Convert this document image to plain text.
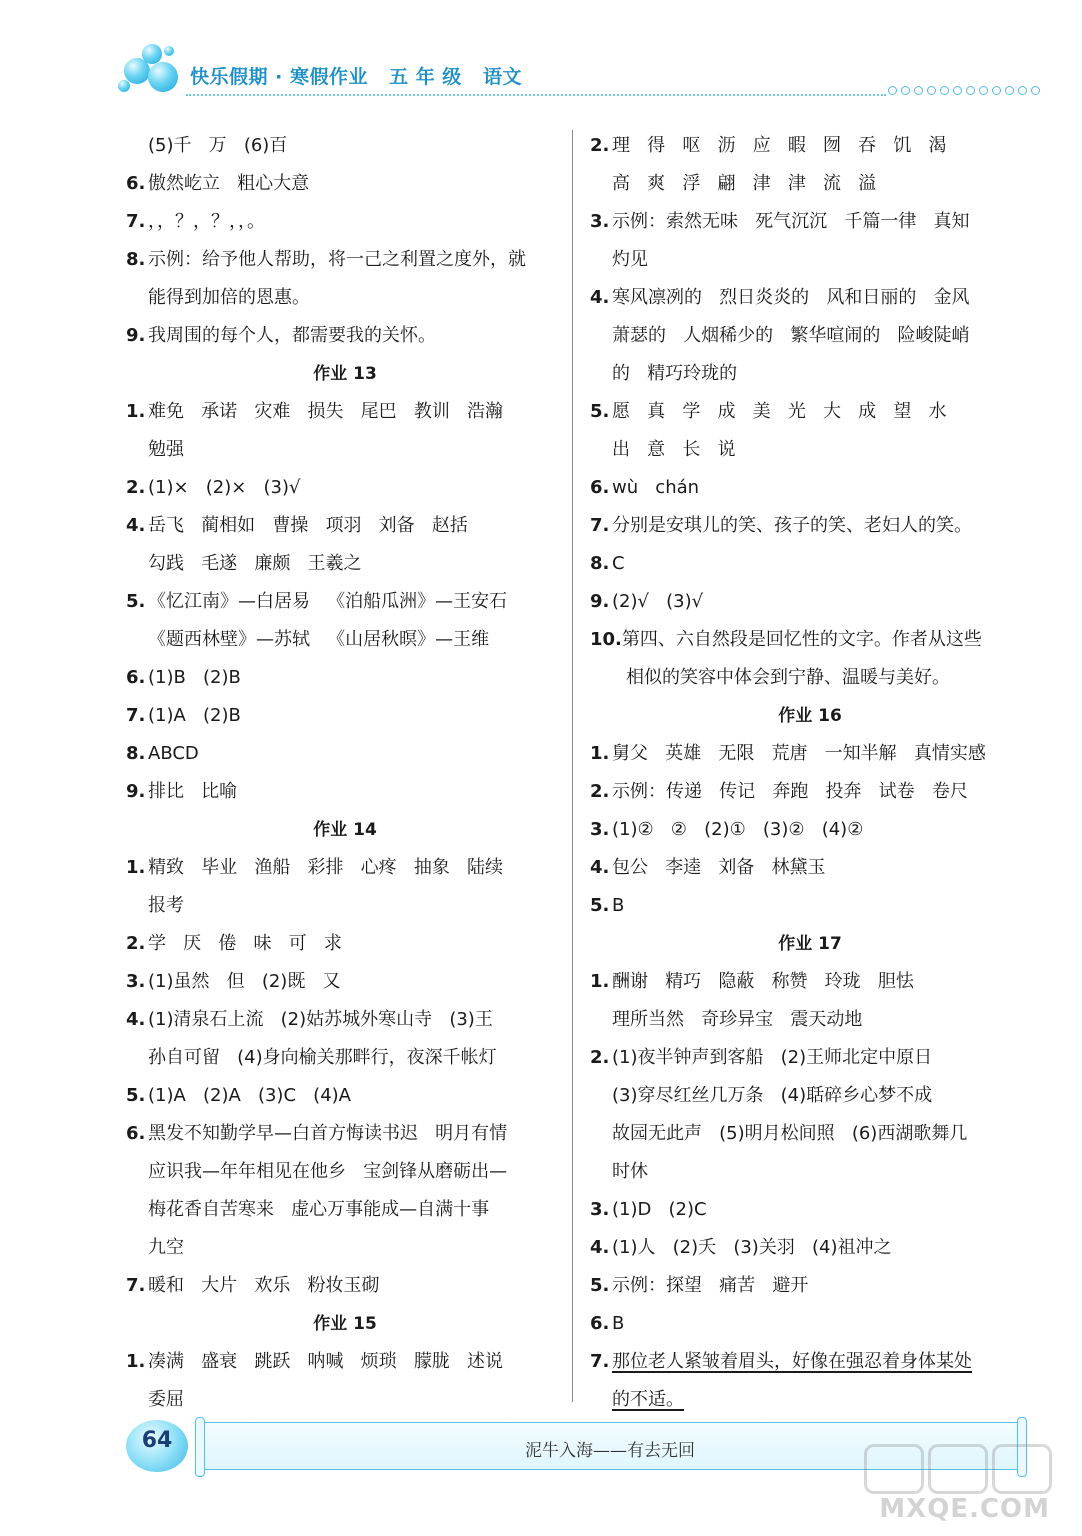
快乐假期 · 寒假作业 五 年 级 语文
(5)千   万   (6)百
6. 傲然屹立   粗心大意
7. ，，？，？，，。
8. 示例：给予他人帮助，将一己之利置之度外，就
能得到加倍的恩惠。
9. 我周围的每个人，都需要我的关怀。
作业 13
1. 难免   承诺   灾难   损失   尾巴   教训   浩瀚
勉强
2. (1)×   (2)×   (3)√
4. 岳飞   蔺相如   曹操   项羽   刘备   赵括
勾践   毛遂   廉颇   王羲之
5. 《忆江南》—白居易   《泊船瓜洲》—王安石
《题西林壁》—苏轼   《山居秋暝》—王维
6. (1)B   (2)B
7. (1)A   (2)B
8. ABCD
9. 排比   比喻
作业 14
1. 精致   毕业   渔船   彩排   心疼   抽象   陆续
报考
2. 学   厌   倦   味   可   求
3. (1)虽然   但   (2)既   又
4. (1)清泉石上流   (2)姑苏城外寒山寺   (3)王
孙自可留   (4)身向榆关那畔行，夜深千帐灯
5. (1)A   (2)A   (3)C   (4)A
6. 黑发不知勤学早—白首方悔读书迟   明月有情
应识我—年年相见在他乡   宝剑锋从磨砺出—
梅花香自苦寒来   虚心万事能成—自满十事
九空
7. 暖和   大片   欢乐   粉妆玉砌
作业 15
1. 凑满   盛衰   跳跃   呐喊   烦琐   朦胧   述说
委屈
2. 理   得   呕   沥   应   暇   囫   吞   饥   渴
高   爽   浮   翩   津   津   流   溢
3. 示例：索然无味   死气沉沉   千篇一律   真知
灼见
4. 寒风凛冽的   烈日炎炎的   风和日丽的   金风
萧瑟的   人烟稀少的   繁华喧闹的   险峻陡峭
的   精巧玲珑的
5. 愿   真   学   成   美   光   大   成   望   水
出   意   长   说
6. wù   chán
7. 分别是安琪儿的笑、孩子的笑、老妇人的笑。
8. C
9. (2)√   (3)√
10.第四、六自然段是回忆性的文字。作者从这些
相似的笑容中体会到宁静、温暖与美好。
作业 16
1. 舅父   英雄   无限   荒唐   一知半解   真情实感
2. 示例：传递   传记   奔跑   投奔   试卷   卷尺
3. (1)②   ②   (2)①   (3)②   (4)②
4. 包公   李逵   刘备   林黛玉
5. B
作业 17
1. 酬谢   精巧   隐蔽   称赞   玲珑   胆怯
理所当然   奇珍异宝   震天动地
2. (1)夜半钟声到客船   (2)王师北定中原日
(3)穿尽红丝几万条   (4)聒碎乡心梦不成
故园无此声   (5)明月松间照   (6)西湖歌舞几
时休
3. (1)D   (2)C
4. (1)人   (2)夭   (3)关羽   (4)祖冲之
5. 示例：探望   痛苦   避开
6. B
7. 那位老人紧皱着眉头，好像在强忍着身体某处
的不适。
64	泥牛入海——有去无回
MXQE.COM
